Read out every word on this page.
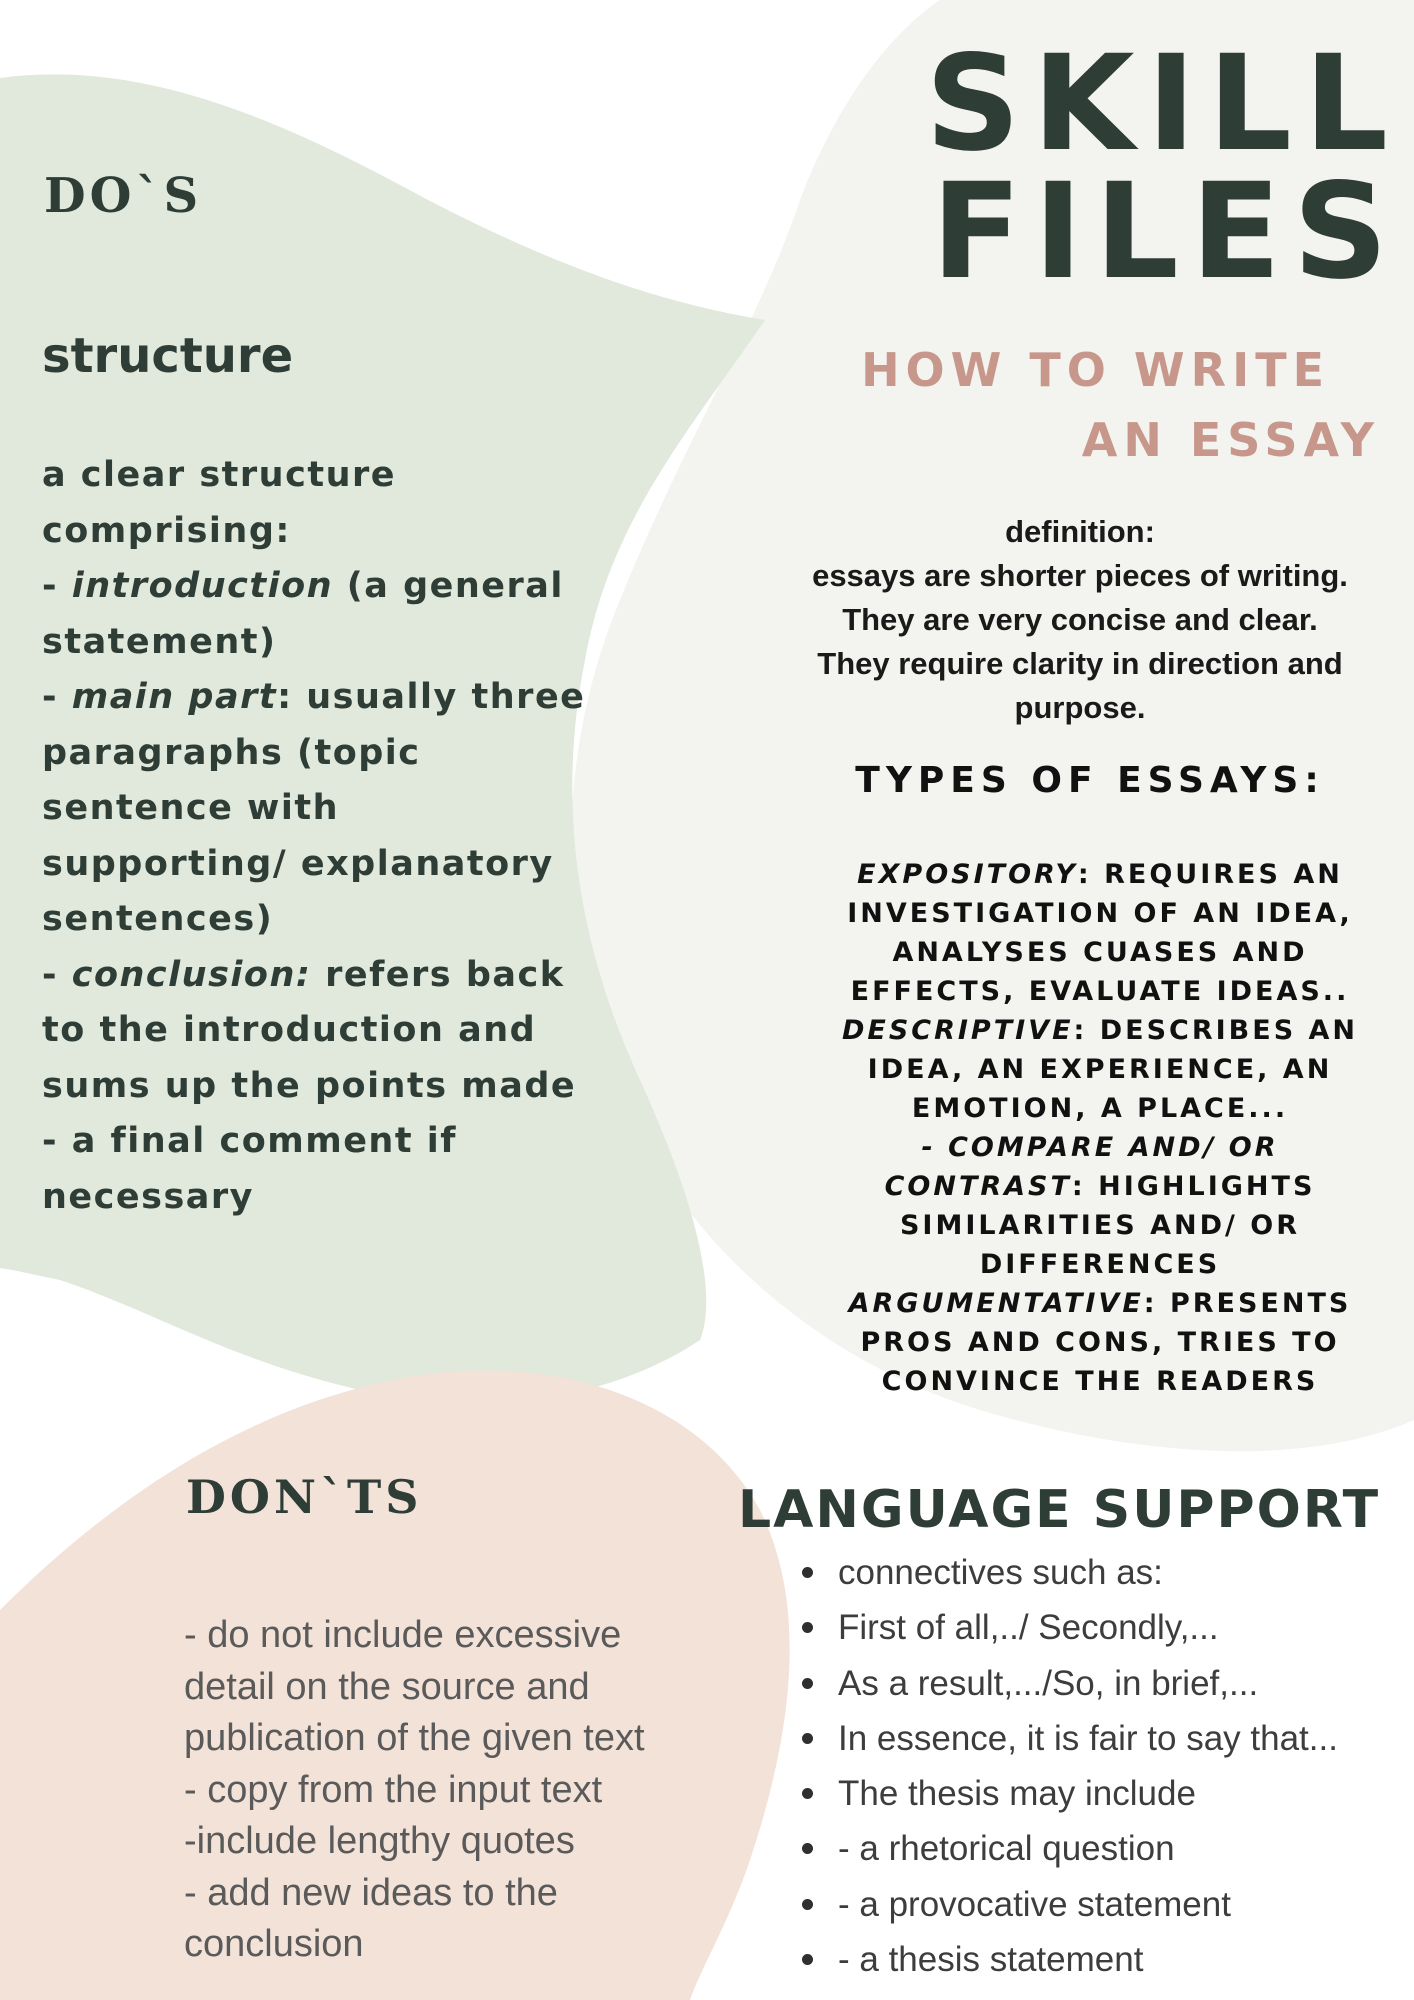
SKILL
FILES
HOW TO WRITE
AN ESSAY
definition:
essays are shorter pieces of writing.
They are very concise and clear.
They require clarity in direction and
purpose.
TYPES OF ESSAYS:
EXPOSITORY: REQUIRES AN
INVESTIGATION OF AN IDEA,
ANALYSES CUASES AND
EFFECTS, EVALUATE IDEAS..
DESCRIPTIVE: DESCRIBES AN
IDEA, AN EXPERIENCE, AN
EMOTION, A PLACE...
- COMPARE AND/ OR
CONTRAST: HIGHLIGHTS
SIMILARITIES AND/ OR
DIFFERENCES
ARGUMENTATIVE: PRESENTS
PROS AND CONS, TRIES TO
CONVINCE THE READERS
DO`S
structure
a clear structure
comprising:
- introduction (a general
statement)
- main part: usually three
paragraphs (topic
sentence with
supporting/ explanatory
sentences)
- conclusion: refers back
to the introduction and
sums up the points made
- a final comment if
necessary
DON`TS
- do not include excessive
detail on the source and
publication of the given text
- copy from the input text
-include lengthy quotes
- add new ideas to the
conclusion
LANGUAGE SUPPORT
connectives such as:
First of all,../ Secondly,...
As a result,.../So, in brief,...
In essence, it is fair to say that...
The thesis may include
- a rhetorical question
- a provocative statement
- a thesis statement
